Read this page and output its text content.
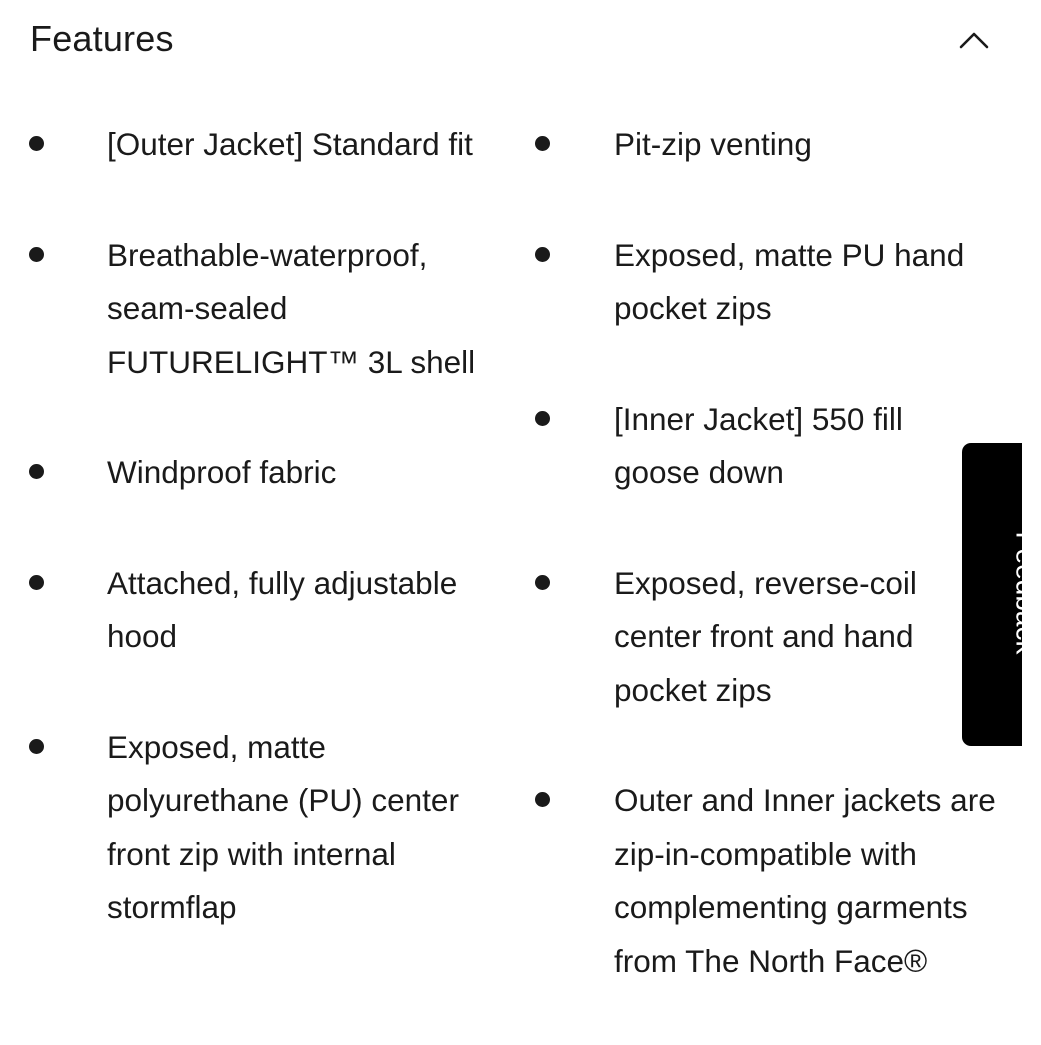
Features
[Outer Jacket] Standard fit
Breathable-waterproof, seam-sealed FUTURELIGHT™ 3L shell
Windproof fabric
Attached, fully adjustable hood
Exposed, matte polyurethane (PU) center front zip with internal stormflap
Pit-zip venting
Exposed, matte PU hand pocket zips
[Inner Jacket] 550 fill goose down
Exposed, reverse-coil center front and hand pocket zips
Outer and Inner jackets are zip-in-compatible with complementing garments from The North Face®
Feedback
